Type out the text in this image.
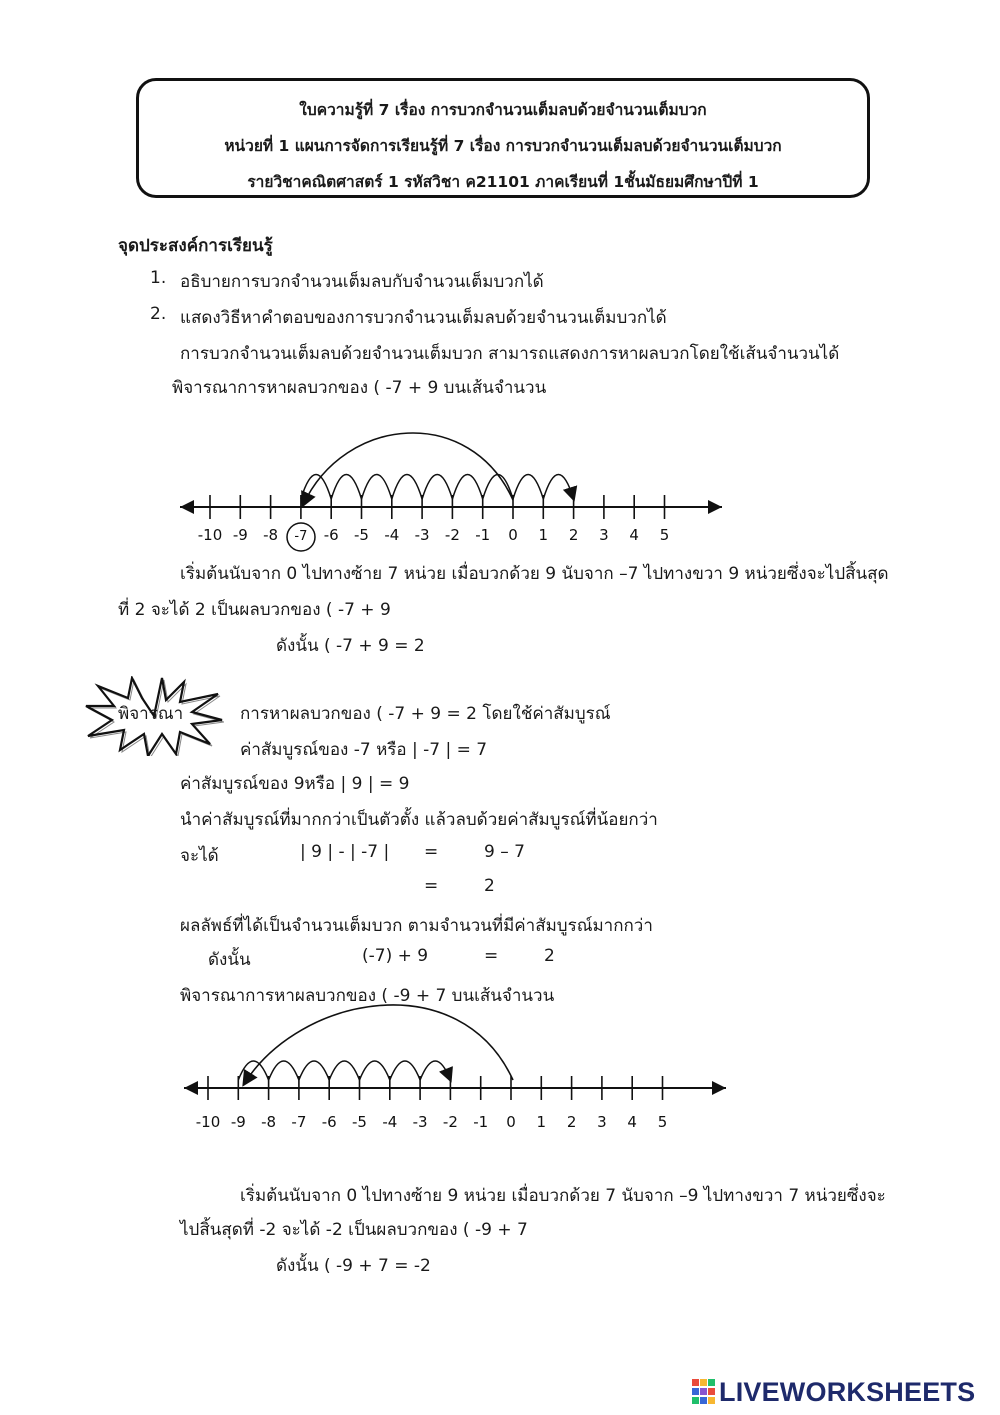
ใบความรู้ที่ 7 เรื่อง การบวกจำนวนเต็มลบด้วยจำนวนเต็มบวก
หน่วยที่ 1 แผนการจัดการเรียนรู้ที่ 7 เรื่อง การบวกจำนวนเต็มลบด้วยจำนวนเต็มบวก
รายวิชาคณิตศาสตร์ 1 รหัสวิชา ค21101 ภาคเรียนที่ 1ชั้นมัธยมศึกษาปีที่ 1
จุดประสงค์การเรียนรู้
1. อธิบายการบวกจำนวนเต็มลบกับจำนวนเต็มบวกได้
2. แสดงวิธีหาคำตอบของการบวกจำนวนเต็มลบด้วยจำนวนเต็มบวกได้
การบวกจำนวนเต็มลบด้วยจำนวนเต็มบวก สามารถแสดงการหาผลบวกโดยใช้เส้นจำนวนได้
พิจารณาการหาผลบวกของ ( -7 + 9 บนเส้นจำนวน
-10 -9 -8 -7 -6 -5 -4 -3 -2 -1 0 1 2 3 4 5
เริ่มต้นนับจาก 0 ไปทางซ้าย 7 หน่วย เมื่อบวกด้วย 9 นับจาก –7 ไปทางขวา 9 หน่วยซึ่งจะไปสิ้นสุด
ที่ 2 จะได้ 2 เป็นผลบวกของ ( -7 + 9
ดังนั้น ( -7 + 9 = 2
พิจารณา	การหาผลบวกของ ( -7 + 9 = 2 โดยใช้ค่าสัมบูรณ์
ค่าสัมบูรณ์ของ -7 หรือ | -7 | = 7
ค่าสัมบูรณ์ของ 9หรือ | 9 | = 9
นำค่าสัมบูรณ์ที่มากกว่าเป็นตัวตั้ง แล้วลบด้วยค่าสัมบูรณ์ที่น้อยกว่า
จะได้	| 9 | - | -7 | =	9 – 7
=	2
ผลลัพธ์ที่ได้เป็นจำนวนเต็มบวก ตามจำนวนที่มีค่าสัมบูรณ์มากกว่า
ดังนั้น	(-7) + 9	=	2
พิจารณาการหาผลบวกของ ( -9 + 7 บนเส้นจำนวน
-10 -9 -8 -7 -6 -5 -4 -3 -2 -1 0 1 2 3 4 5
เริ่มต้นนับจาก 0 ไปทางซ้าย 9 หน่วย เมื่อบวกด้วย 7 นับจาก –9 ไปทางขวา 7 หน่วยซึ่งจะ
ไปสิ้นสุดที่ -2 จะได้ -2 เป็นผลบวกของ ( -9 + 7
ดังนั้น ( -9 + 7 = -2
LIVEWORKSHEETS
